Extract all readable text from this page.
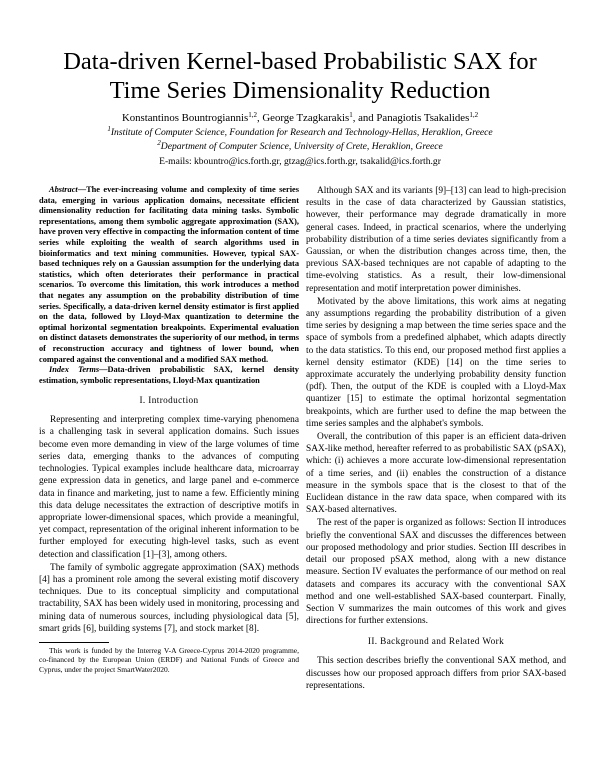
Data-driven Kernel-based Probabilistic SAX for Time Series Dimensionality Reduction
Konstantinos Bountrogiannis$^{1,2}$, George Tzagkarakis$^1$, and Panagiotis Tsakalides$^{1,2}$
$^1$Institute of Computer Science, Foundation for Research and Technology-Hellas, Heraklion, Greece
$^2$Department of Computer Science, University of Crete, Heraklion, Greece
E-mails: kbountro@ics.forth.gr, gtzag@ics.forth.gr, tsakalid@ics.forth.gr

Abstract—The ever-increasing volume and complexity of time series data, emerging in various application domains, necessitate efficient dimensionality reduction for facilitating data mining tasks. Symbolic representations, among them symbolic aggregate approximation (SAX), have proven very effective in compacting the information content of time series while exploiting the wealth of search algorithms used in bioinformatics and text mining communities. However, typical SAX-based techniques rely on a Gaussian assumption for the underlying data statistics, which often deteriorates their performance in practical scenarios. To overcome this limitation, this work introduces a method that negates any assumption on the probability distribution of time series. Specifically, a data-driven kernel density estimator is first applied on the data, followed by Lloyd-Max quantization to determine the optimal horizontal segmentation breakpoints. Experimental evaluation on distinct datasets demonstrates the superiority of our method, in terms of reconstruction accuracy and tightness of lower bound, when compared against the conventional and a modified SAX method.

Index Terms—Data-driven probabilistic SAX, kernel density estimation, symbolic representations, Lloyd-Max quantization

I. Introduction

Representing and interpreting complex time-varying phenomena is a challenging task in several application domains. Such issues become even more demanding in view of the large volumes of time series data, emerging thanks to the advances of computing technologies. Typical examples include healthcare data, microarray gene expression data in genetics, and large panel and e-commerce data in finance and marketing, just to name a few. Efficiently mining this data deluge necessitates the extraction of descriptive motifs in appropriate lower-dimensional spaces, which provide a meaningful, yet compact, representation of the original inherent information to be further employed for executing high-level tasks, such as event detection and classification [1]–[3], among others.

The family of symbolic aggregate approximation (SAX) methods [4] has a prominent role among the several existing motif discovery techniques. Due to its conceptual simplicity and computational tractability, SAX has been widely used in monitoring, processing and mining data of numerous sources, including physiological data [5], smart grids [6], building systems [7], and stock market [8].

This work is funded by the Interreg V-A Greece-Cyprus 2014-2020 programme, co-financed by the European Union (ERDF) and National Funds of Greece and Cyprus, under the project SmartWater2020.

Although SAX and its variants [9]–[13] can lead to high-precision results in the case of data characterized by Gaussian statistics, however, their performance may degrade dramatically in more general cases. Indeed, in practical scenarios, where the underlying probability distribution of a time series deviates significantly from a Gaussian, or when the distribution changes across time, then, the previous SAX-based techniques are not capable of adapting to the time-evolving statistics. As a result, their low-dimensional representation and motif interpretation power diminishes.

Motivated by the above limitations, this work aims at negating any assumptions regarding the probability distribution of a given time series by designing a map between the time series space and the space of symbols from a predefined alphabet, which adapts directly to the data statistics. To this end, our proposed method first applies a kernel density estimator (KDE) [14] on the time series to approximate accurately the underlying probability density function (pdf). Then, the output of the KDE is coupled with a Lloyd-Max quantizer [15] to estimate the optimal horizontal segmentation breakpoints, which are further used to define the map between the time series samples and the alphabet's symbols.

Overall, the contribution of this paper is an efficient data-driven SAX-like method, hereafter referred to as probabilistic SAX (pSAX), which: (i) achieves a more accurate low-dimensional representation of a time series, and (ii) enables the construction of a distance measure in the symbols space that is the closest to that of the Euclidean distance in the raw data space, when compared with its SAX-based alternatives.

The rest of the paper is organized as follows: Section II introduces briefly the conventional SAX and discusses the differences between our proposed methodology and prior studies. Section III describes in detail our proposed pSAX method, along with a new distance measure. Section IV evaluates the performance of our method on real datasets and compares its accuracy with the conventional SAX method and one well-established SAX-based counterpart. Finally, Section V summarizes the main outcomes of this work and gives directions for further extensions.

II. Background and Related Work

This section describes briefly the conventional SAX method, and discusses how our proposed approach differs from prior SAX-based representations.
